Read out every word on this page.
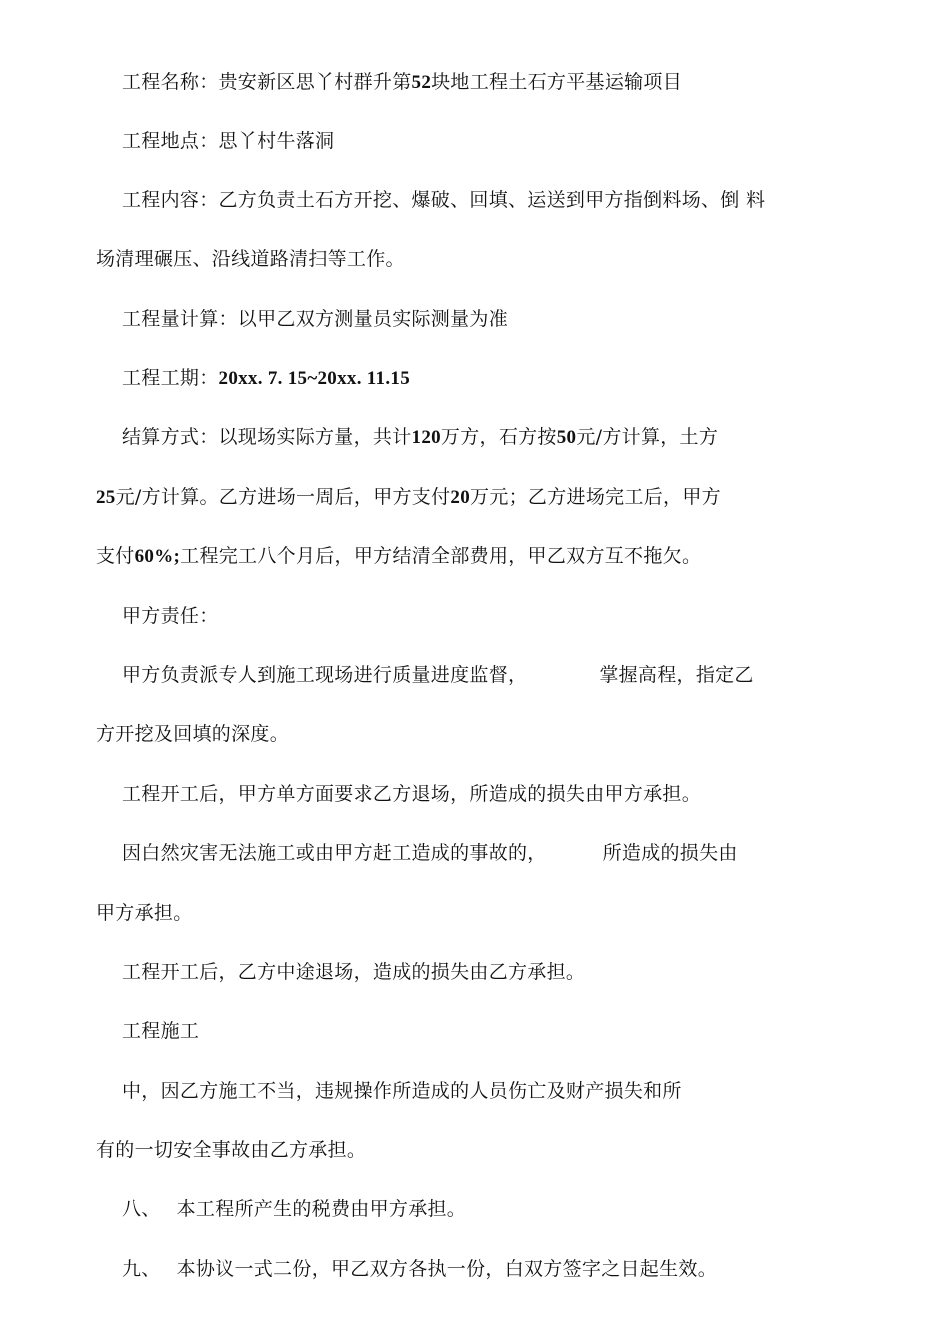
工程名称：贵安新区思丫村群升第52块地工程土石方平基运输项目
工程地点：思丫村牛落洞
工程内容：乙方负责土石方开挖、爆破、回填、运送到甲方指倒料场、倒 料
场清理碾压、沿线道路清扫等工作。
工程量计算：以甲乙双方测量员实际测量为准
工程工期：20xx. 7. 15~20xx. 11.15
结算方式：以现场实际方量，共计120万方，石方按50元/方计算，土方
25元/方计算。乙方进场一周后，甲方支付20万元；乙方进场完工后，甲方
支付60%;工程完工八个月后，甲方结清全部费用，甲乙双方互不拖欠。
甲方责任：
甲方负责派专人到施工现场进行质量进度监督，	掌握高程，指定乙
方开挖及回填的深度。
工程开工后，甲方单方面要求乙方退场，所造成的损失由甲方承担。
因白然灾害无法施工或由甲方赶工造成的事故的，	所造成的损失由
甲方承担。
工程开工后，乙方中途退场，造成的损失由乙方承担。
工程施工
中，因乙方施工不当，违规操作所造成的人员伤亡及财产损失和所
有的一切安全事故由乙方承担。
八、 本工程所产生的税费由甲方承担。
九、 本协议一式二份，甲乙双方各执一份，白双方签字之日起生效。
